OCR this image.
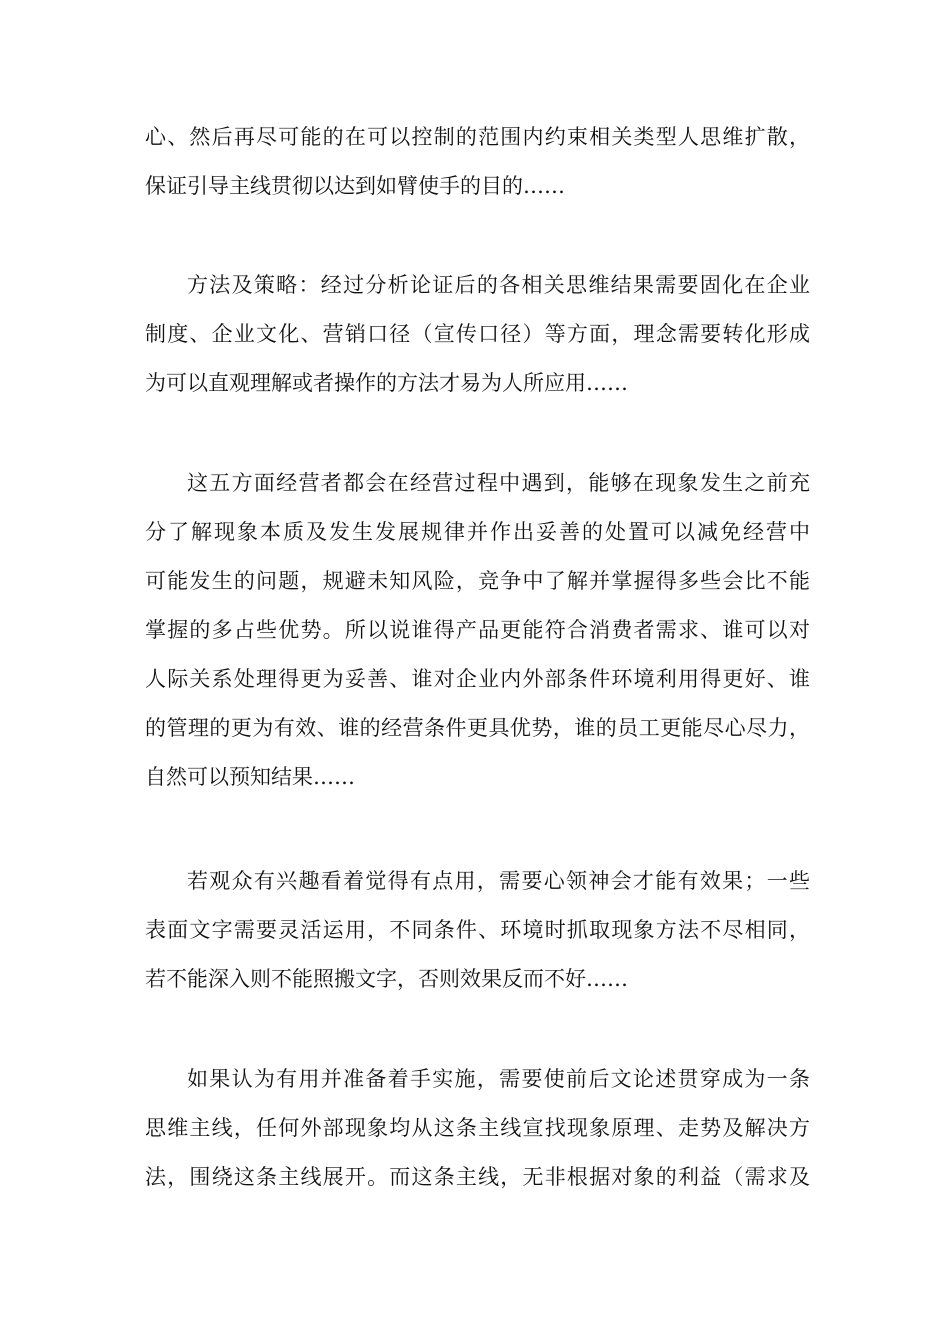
心、然后再尽可能的在可以控制的范围内约束相关类型人思维扩散，
保证引导主线贯彻以达到如臂使手的目的……

方法及策略：经过分析论证后的各相关思维结果需要固化在企业
制度、企业文化、营销口径（宣传口径）等方面，理念需要转化形成
为可以直观理解或者操作的方法才易为人所应用……

这五方面经营者都会在经营过程中遇到，能够在现象发生之前充
分了解现象本质及发生发展规律并作出妥善的处置可以减免经营中
可能发生的问题，规避未知风险，竞争中了解并掌握得多些会比不能
掌握的多占些优势。所以说谁得产品更能符合消费者需求、谁可以对
人际关系处理得更为妥善、谁对企业内外部条件环境利用得更好、谁
的管理的更为有效、谁的经营条件更具优势，谁的员工更能尽心尽力，
自然可以预知结果……

若观众有兴趣看着觉得有点用，需要心领神会才能有效果；一些
表面文字需要灵活运用，不同条件、环境时抓取现象方法不尽相同，
若不能深入则不能照搬文字，否则效果反而不好……

如果认为有用并准备着手实施，需要使前后文论述贯穿成为一条
思维主线，任何外部现象均从这条主线宣找现象原理、走势及解决方
法，围绕这条主线展开。而这条主线，无非根据对象的利益（需求及
